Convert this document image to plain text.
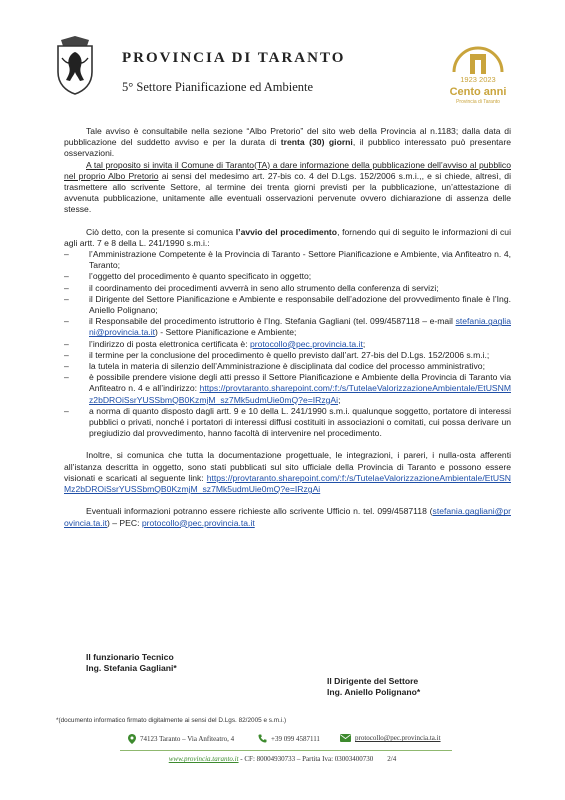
PROVINCIA DI TARANTO
5° Settore Pianificazione ed Ambiente
1923 2023
Cento anni
Provincia di Taranto

Tale avviso è consultabile nella sezione “Albo Pretorio” del sito web della Provincia al n.1183; dalla data di pubblicazione del suddetto avviso e per la durata di trenta (30) giorni, il pubblico interessato può presentare osservazioni.

A tal proposito si invita il Comune di Taranto(TA) a dare informazione della pubblicazione dell’avviso al pubblico nel proprio Albo Pretorio ai sensi del medesimo art. 27-bis co. 4 del D.Lgs. 152/2006 s.m.i.,, e si chiede, altresì, di trasmettere allo scrivente Settore, al termine dei trenta giorni previsti per la pubblicazione, un’attestazione di avvenuta pubblicazione, unitamente alle eventuali osservazioni pervenute ovvero dichiarazione di assenza delle stesse.

Ciò detto, con la presente si comunica l’avvio del procedimento, fornendo qui di seguito le informazioni di cui agli artt. 7 e 8 della L. 241/1990 s.m.i.:

– l’Amministrazione Competente è la Provincia di Taranto - Settore Pianificazione e Ambiente, via Anfiteatro n. 4, Taranto;
– l’oggetto del procedimento è quanto specificato in oggetto;
– il coordinamento dei procedimenti avverrà in seno allo strumento della conferenza di servizi;
– il Dirigente del Settore Pianificazione e Ambiente e responsabile dell’adozione del provvedimento finale è l’Ing. Aniello Polignano;
– il Responsabile del procedimento istruttorio è l’Ing. Stefania Gagliani (tel. 099/4587118 – e-mail stefania.gagliani@provincia.ta.it) - Settore Pianificazione e Ambiente;
– l’indirizzo di posta elettronica certificata è: protocollo@pec.provincia.ta.it;
– il termine per la conclusione del procedimento è quello previsto dall’art. 27-bis del D.Lgs. 152/2006 s.m.i.;
– la tutela in materia di silenzio dell’Amministrazione è disciplinata dal codice del processo amministrativo;
– è possibile prendere visione degli atti presso il Settore Pianificazione e Ambiente della Provincia di Taranto via Anfiteatro n. 4 e all’indirizzo: https://provtaranto.sharepoint.com/:f:/s/TutelaeValorizzazioneAmbientale/EtUSNMz2bDROiSsrYUSSbmQB0KzmjM_sz7Mk5udmUie0mQ?e=IRzgAi;
– a norma di quanto disposto dagli artt. 9 e 10 della L. 241/1990 s.m.i. qualunque soggetto, portatore di interessi pubblici o privati, nonché i portatori di interessi diffusi costituiti in associazioni o comitati, cui possa derivare un pregiudizio dal provvedimento, hanno facoltà di intervenire nel procedimento.

Inoltre, si comunica che tutta la documentazione progettuale, le integrazioni, i pareri, i nulla-osta afferenti all’istanza descritta in oggetto, sono stati pubblicati sul sito ufficiale della Provincia di Taranto e possono essere visionati e scaricati al seguente link: https://provtaranto.sharepoint.com/:f:/s/TutelaeValorizzazioneAmbientale/EtUSNMz2bDROiSsrYUSSbmQB0KzmjM_sz7Mk5udmUie0mQ?e=IRzgAi

Eventuali informazioni potranno essere richieste allo scrivente Ufficio n. tel. 099/4587118 (stefania.gagliani@provincia.ta.it) – PEC: protocollo@pec.provincia.ta.it

Il funzionario Tecnico
Ing. Stefania Gagliani*
Il Dirigente del Settore
Ing. Aniello Polignano*
*(documento informatico firmato digitalmente ai sensi del D.Lgs. 82/2005 e s.m.i.)
74123 Taranto – Via Anfiteatro, 4	+39 099 4587111	protocollo@pec.provincia.ta.it
www.provincia.taranto.it - CF: 80004930733 – Partita Iva: 03003400730 2/4
